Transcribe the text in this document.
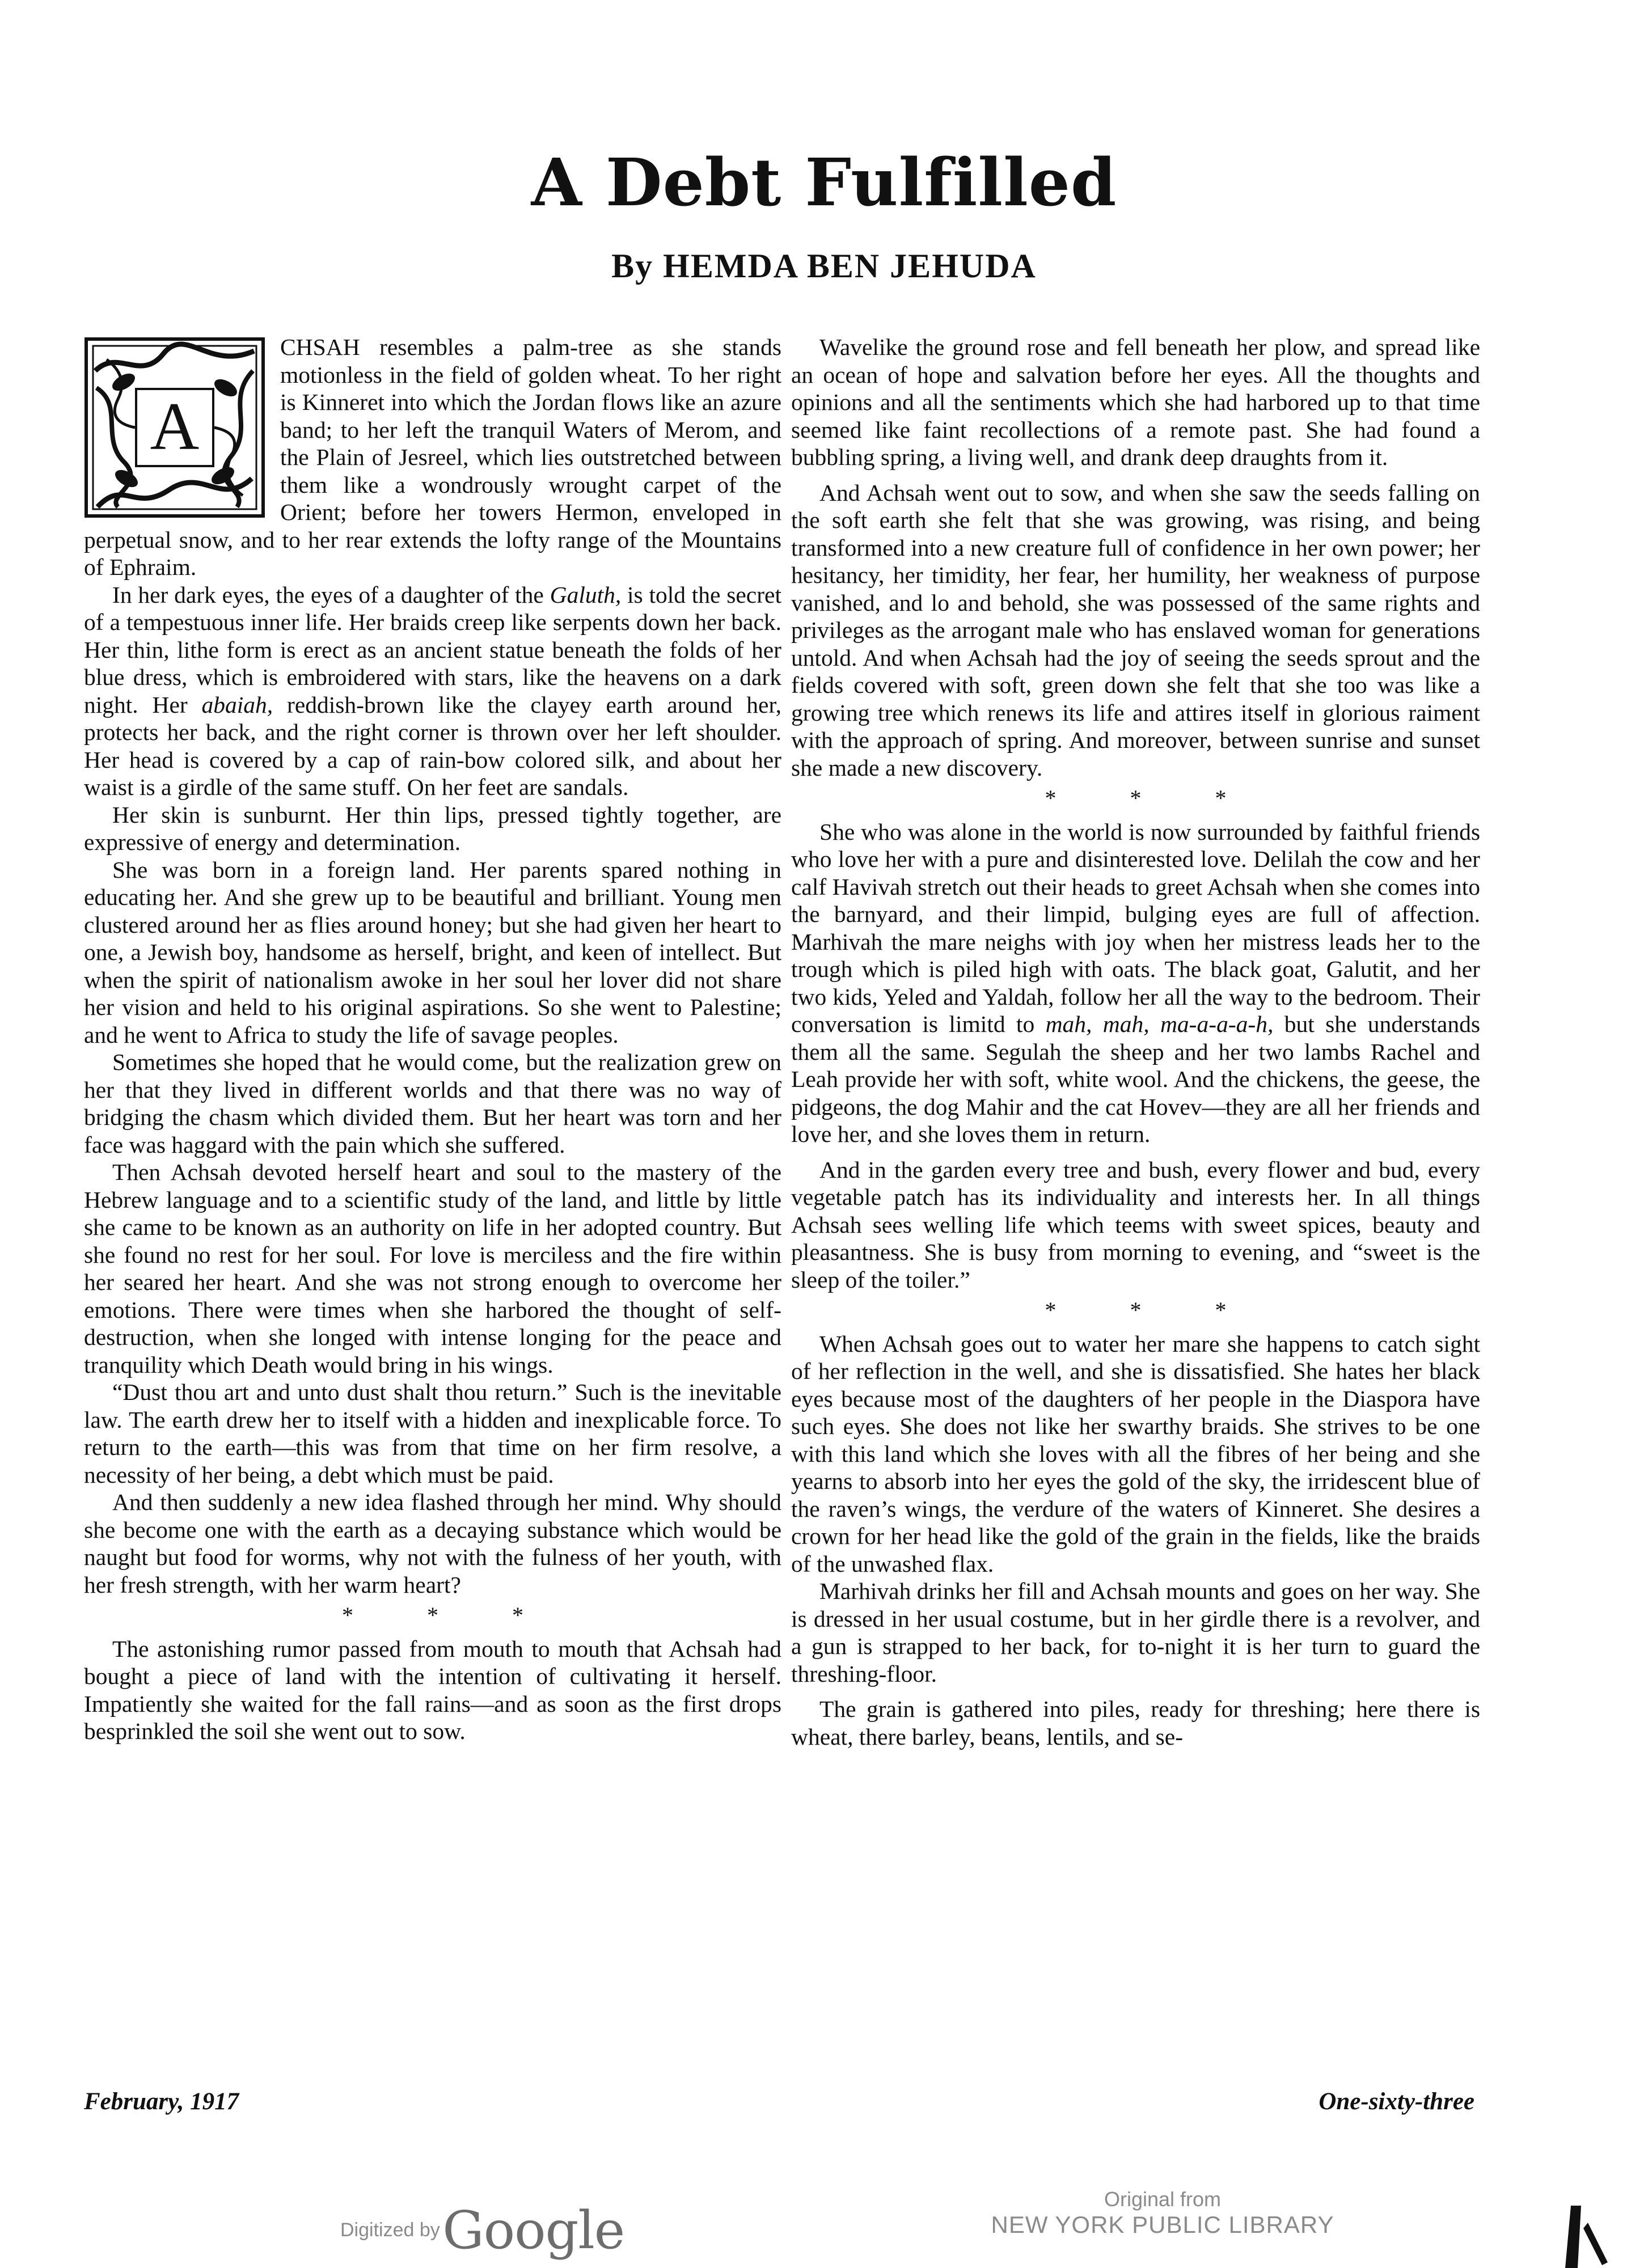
A Debt Fulfilled
By HEMDA BEN JEHUDA
A

CHSAH resembles a palm-tree as she stands motionless in the field of golden wheat. To her right is Kinneret into which the Jordan flows like an azure band; to her left the tranquil Waters of Merom, and the Plain of Jesreel, which lies outstretched between them like a wondrously wrought carpet of the Orient; before her towers Hermon, enveloped in perpetual snow, and to her rear extends the lofty range of the Mountains of Ephraim.

In her dark eyes, the eyes of a daughter of the Galuth, is told the secret of a tempestuous inner life. Her braids creep like serpents down her back. Her thin, lithe form is erect as an ancient statue beneath the folds of her blue dress, which is embroidered with stars, like the heavens on a dark night. Her abaiah, reddish-brown like the clayey earth around her, protects her back, and the right corner is thrown over her left shoulder. Her head is covered by a cap of rain-bow colored silk, and about her waist is a girdle of the same stuff. On her feet are sandals.

Her skin is sunburnt. Her thin lips, pressed tightly together, are expressive of energy and determination.

She was born in a foreign land. Her parents spared nothing in educating her. And she grew up to be beautiful and brilliant. Young men clustered around her as flies around honey; but she had given her heart to one, a Jewish boy, handsome as herself, bright, and keen of intellect. But when the spirit of nationalism awoke in her soul her lover did not share her vision and held to his original aspirations. So she went to Palestine; and he went to Africa to study the life of savage peoples.

Sometimes she hoped that he would come, but the realization grew on her that they lived in different worlds and that there was no way of bridging the chasm which divided them. But her heart was torn and her face was haggard with the pain which she suffered.

Then Achsah devoted herself heart and soul to the mastery of the Hebrew language and to a scientific study of the land, and little by little she came to be known as an authority on life in her adopted country. But she found no rest for her soul. For love is merciless and the fire within her seared her heart. And she was not strong enough to overcome her emotions. There were times when she harbored the thought of self-destruction, when she longed with intense longing for the peace and tranquility which Death would bring in his wings.

“Dust thou art and unto dust shalt thou return.” Such is the inevitable law. The earth drew her to itself with a hidden and inexplicable force. To return to the earth—this was from that time on her firm resolve, a necessity of her being, a debt which must be paid.

And then suddenly a new idea flashed through her mind. Why should she become one with the earth as a decaying substance which would be naught but food for worms, why not with the fulness of her youth, with her fresh strength, with her warm heart?

* * *

The astonishing rumor passed from mouth to mouth that Achsah had bought a piece of land with the intention of cultivating it herself. Impatiently she waited for the fall rains—and as soon as the first drops besprinkled the soil she went out to sow.

Wavelike the ground rose and fell beneath her plow, and spread like an ocean of hope and salvation before her eyes. All the thoughts and opinions and all the sentiments which she had harbored up to that time seemed like faint recollections of a remote past. She had found a bubbling spring, a living well, and drank deep draughts from it.

And Achsah went out to sow, and when she saw the seeds falling on the soft earth she felt that she was growing, was rising, and being transformed into a new creature full of confidence in her own power; her hesitancy, her timidity, her fear, her humility, her weakness of purpose vanished, and lo and behold, she was possessed of the same rights and privileges as the arrogant male who has enslaved woman for generations untold. And when Achsah had the joy of seeing the seeds sprout and the fields covered with soft, green down she felt that she too was like a growing tree which renews its life and attires itself in glorious raiment with the approach of spring. And moreover, between sunrise and sunset she made a new discovery.

* * *

She who was alone in the world is now surrounded by faithful friends who love her with a pure and disinterested love. Delilah the cow and her calf Havivah stretch out their heads to greet Achsah when she comes into the barnyard, and their limpid, bulging eyes are full of affection. Marhivah the mare neighs with joy when her mistress leads her to the trough which is piled high with oats. The black goat, Galutit, and her two kids, Yeled and Yaldah, follow her all the way to the bedroom. Their conversation is limitd to mah, mah, ma-a-a-a-h, but she understands them all the same. Segulah the sheep and her two lambs Rachel and Leah provide her with soft, white wool. And the chickens, the geese, the pidgeons, the dog Mahir and the cat Hovev—they are all her friends and love her, and she loves them in return.

And in the garden every tree and bush, every flower and bud, every vegetable patch has its individuality and interests her. In all things Achsah sees welling life which teems with sweet spices, beauty and pleasantness. She is busy from morning to evening, and “sweet is the sleep of the toiler.”

* * *

When Achsah goes out to water her mare she happens to catch sight of her reflection in the well, and she is dissatisfied. She hates her black eyes because most of the daughters of her people in the Diaspora have such eyes. She does not like her swarthy braids. She strives to be one with this land which she loves with all the fibres of her being and she yearns to absorb into her eyes the gold of the sky, the irridescent blue of the raven’s wings, the verdure of the waters of Kinneret. She desires a crown for her head like the gold of the grain in the fields, like the braids of the unwashed flax.

Marhivah drinks her fill and Achsah mounts and goes on her way. She is dressed in her usual costume, but in her girdle there is a revolver, and a gun is strapped to her back, for to-night it is her turn to guard the threshing-floor.

The grain is gathered into piles, ready for threshing; here there is wheat, there barley, beans, lentils, and se-

February, 1917	One-sixty-three
Digitized by Google
Original from
NEW YORK PUBLIC LIBRARY
